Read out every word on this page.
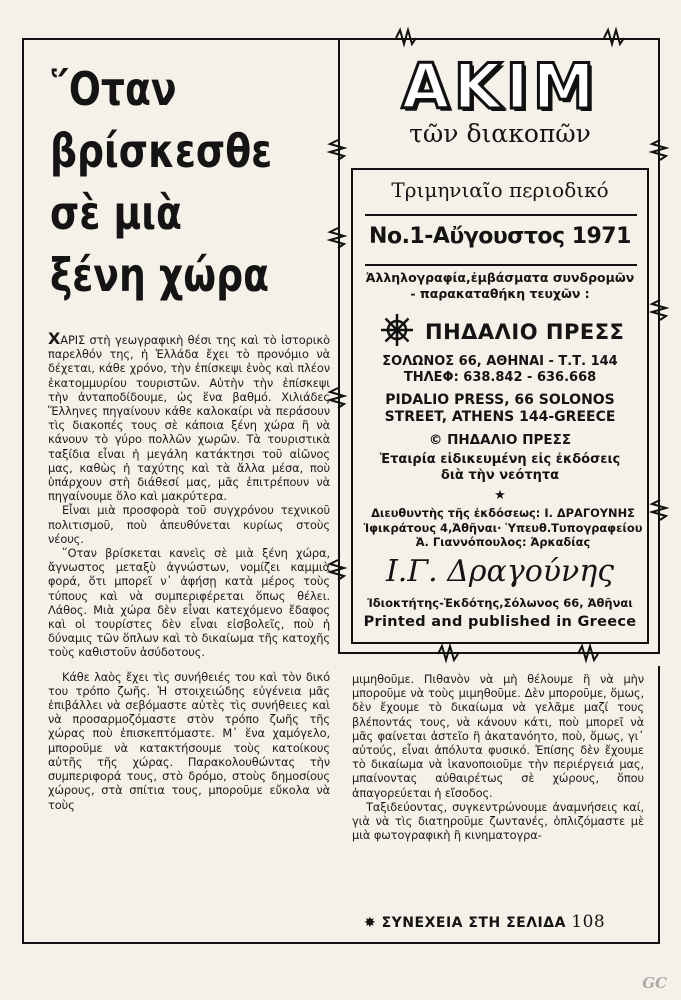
῞Οταν
βρίσκεσθε
σὲ μιὰ
ξένη χώρα

ΧΑΡΙΣ στὴ γεωγραφικὴ θέσι της καὶ τὸ ἱστορικὸ παρελθόν της, ἡ Ἑλλάδα ἔχει τὸ προνόμιο νὰ δέχεται, κάθε χρόνο, τὴν ἐπίσκεψι ἑνὸς καὶ πλέον ἑκατομμυρίου τουριστῶν. Αὐτὴν τὴν ἐπίσκεψι τὴν ἀνταποδίδουμε, ὡς ἕνα βαθμό. Χιλιάδες Ἕλληνες πηγαίνουν κάθε καλοκαίρι νὰ περάσουν τὶς διακοπές τους σὲ κάποια ξένη χώρα ἢ νὰ κάνουν τὸ γύρο πολλῶν χωρῶν. Τὰ τουριστικὰ ταξίδια εἶναι ἡ μεγάλη κατάκτησι τοῦ αἰῶνος μας, καθὼς ἡ ταχύτης καὶ τὰ ἄλλα μέσα, ποὺ ὑπάρχουν στὴ διάθεσί μας, μᾶς ἐπιτρέπουν νὰ πηγαίνουμε ὅλο καὶ μακρύτερα.

Εἶναι μιὰ προσφορὰ τοῦ συγχρόνου τεχνικοῦ πολιτισμοῦ, ποὺ ἀπευθύνεται κυρίως στοὺς νέους.

῞Οταν βρίσκεται κανεὶς σὲ μιὰ ξένη χώρα, ἄγνωστος μεταξὺ ἀγνώστων, νομίζει καμμιὰ φορά, ὅτι μπορεῖ ν᾽ ἀφήσῃ κατὰ μέρος τοὺς τύπους καὶ νὰ συμπεριφέρεται ὅπως θέλει. Λάθος. Μιὰ χώρα δὲν εἶναι κατεχόμενο ἔδαφος καὶ οἱ τουρίστες δὲν εἶναι εἰσβολεῖς, ποὺ ἡ δύναμις τῶν ὅπλων καὶ τὸ δικαίωμα τῆς κατοχῆς τοὺς καθιστοῦν ἀσύδοτους.

Κάθε λαὸς ἔχει τὶς συνήθειές του καὶ τὸν δικό του τρόπο ζωῆς. Ἡ στοιχειώδης εὐγένεια μᾶς ἐπιβάλλει νὰ σεβόμαστε αὐτὲς τὶς συνήθειες καὶ νὰ προσαρμοζόμαστε στὸν τρόπο ζωῆς τῆς χώρας ποὺ ἐπισκεπτόμαστε. Μ᾽ ἕνα χαμόγελο, μποροῦμε νὰ κατακτήσουμε τοὺς κατοίκους αὐτῆς τῆς χώρας. Παρακολουθώντας τὴν συμπεριφορά τους, στὸ δρόμο, στοὺς δημοσίους χώρους, στὰ σπίτια τους, μποροῦμε εὔκολα νὰ τοὺς

ΑΚΙΜ
τῶν διακοπῶν
Τριμηνιαῖο περιοδικό
Νο.1-Αὔγουστος 1971
Ἀλληλογραφία,ἐμβάσματα συνδρομῶν - παρακαταθήκη τευχῶν :
ΠΗΔΑΛΙΟ ΠΡΕΣΣ
ΣΟΛΩΝΟΣ 66, ΑΘΗΝΑΙ - Τ.Τ. 144
ΤΗΛΕΦ: 638.842 - 636.668
PIDALIO PRESS, 66 SOLONOS
STREET, ATHENS 144-GREECE
© ΠΗΔΑΛΙΟ ΠΡΕΣΣ
Ἑταιρία εἰδικευμένη εἰς ἐκδόσεις
διὰ τὴν νεότητα
★
Διευθυντὴς τῆς ἐκδόσεως: Ι. ΔΡΑΓΟΥΝΗΣ
Ἰφικράτους 4,Ἀθῆναι· Ὑπευθ.Τυπογραφείου
Ἀ. Γιαννόπουλος: Ἀρκαδίας
Ι.Γ. Δραγούνης
Ἰδιοκτήτης-Ἐκδότης,Σόλωνος 66, Ἀθῆναι
Printed and published in Greece

μιμηθοῦμε. Πιθανὸν νὰ μὴ θέλουμε ἢ νὰ μὴν μποροῦμε νὰ τοὺς μιμηθοῦμε. Δὲν μποροῦμε, ὅμως, δὲν ἔχουμε τὸ δικαίωμα νὰ γελᾶμε μαζί τους βλέποντάς τους, νὰ κάνουν κάτι, ποὺ μπορεῖ νὰ μᾶς φαίνεται ἀστεῖο ἢ ἀκατανόητο, ποὺ, ὅμως, γι᾽ αὐτούς, εἶναι ἀπόλυτα φυσικό. Ἐπίσης δὲν ἔχουμε τὸ δικαίωμα νὰ ἱκανοποιοῦμε τὴν περιέργειά μας, μπαίνοντας αὐθαιρέτως σὲ χώρους, ὅπου ἀπαγορεύεται ἡ εἴσοδος.

Ταξιδεύοντας, συγκεντρώνουμε ἀναμνήσεις καί, γιὰ νὰ τὶς διατηροῦμε ζωντανές, ὁπλιζόμαστε μὲ μιὰ φωτογραφικὴ ἢ κινηματογρα-

✸ ΣΥΝΕΧΕΙΑ ΣΤΗ ΣΕΛΙΔΑ 108
GC
